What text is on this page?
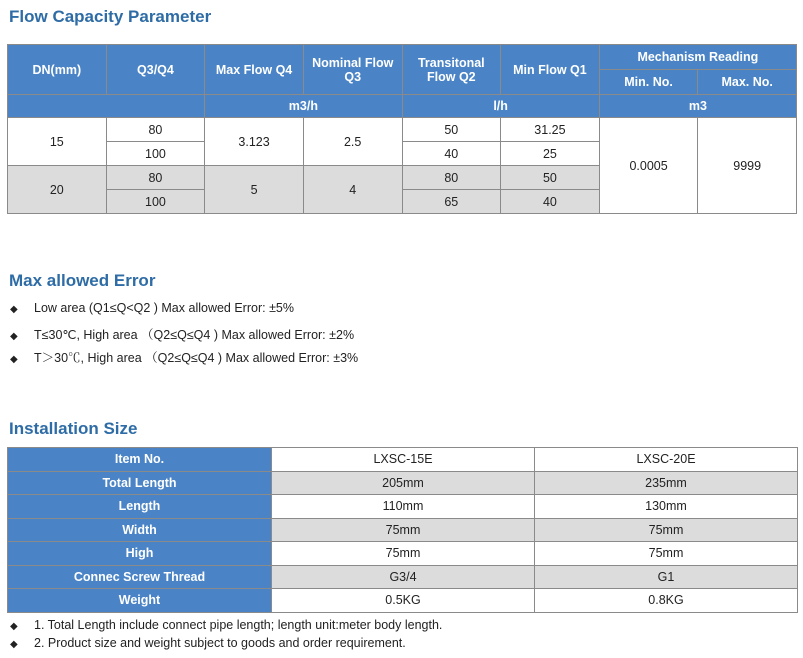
Flow Capacity Parameter
DN(mm)	Q3/Q4	Max Flow Q4	Nominal Flow Q3	Transitonal Flow Q2	Min Flow Q1	Mechanism Reading	
						Min. No.	Max. No.
		m3/h		l/h		m3	
15	80	3.123	2.5	50	31.25	0.0005	9999
	100			40	25		
20	80	5	4	80	50		
	100			65	40		
Max allowed Error
◆ Low area (Q1≤Q<Q2 ) Max allowed Error: ±5%
◆ T≤30℃, High area （Q2≤Q≤Q4 ) Max allowed Error: ±2%
◆ T＞30℃, High area （Q2≤Q≤Q4 ) Max allowed Error: ±3%
Installation Size
Item No.	LXSC-15E	LXSC-20E
Total Length	205mm	235mm
Length	110mm	130mm
Width	75mm	75mm
High	75mm	75mm
Connec Screw Thread	G3/4	G1
Weight	0.5KG	0.8KG
◆ 1. Total Length include connect pipe length; length unit:meter body length.
◆ 2. Product size and weight subject to goods and order requirement.
